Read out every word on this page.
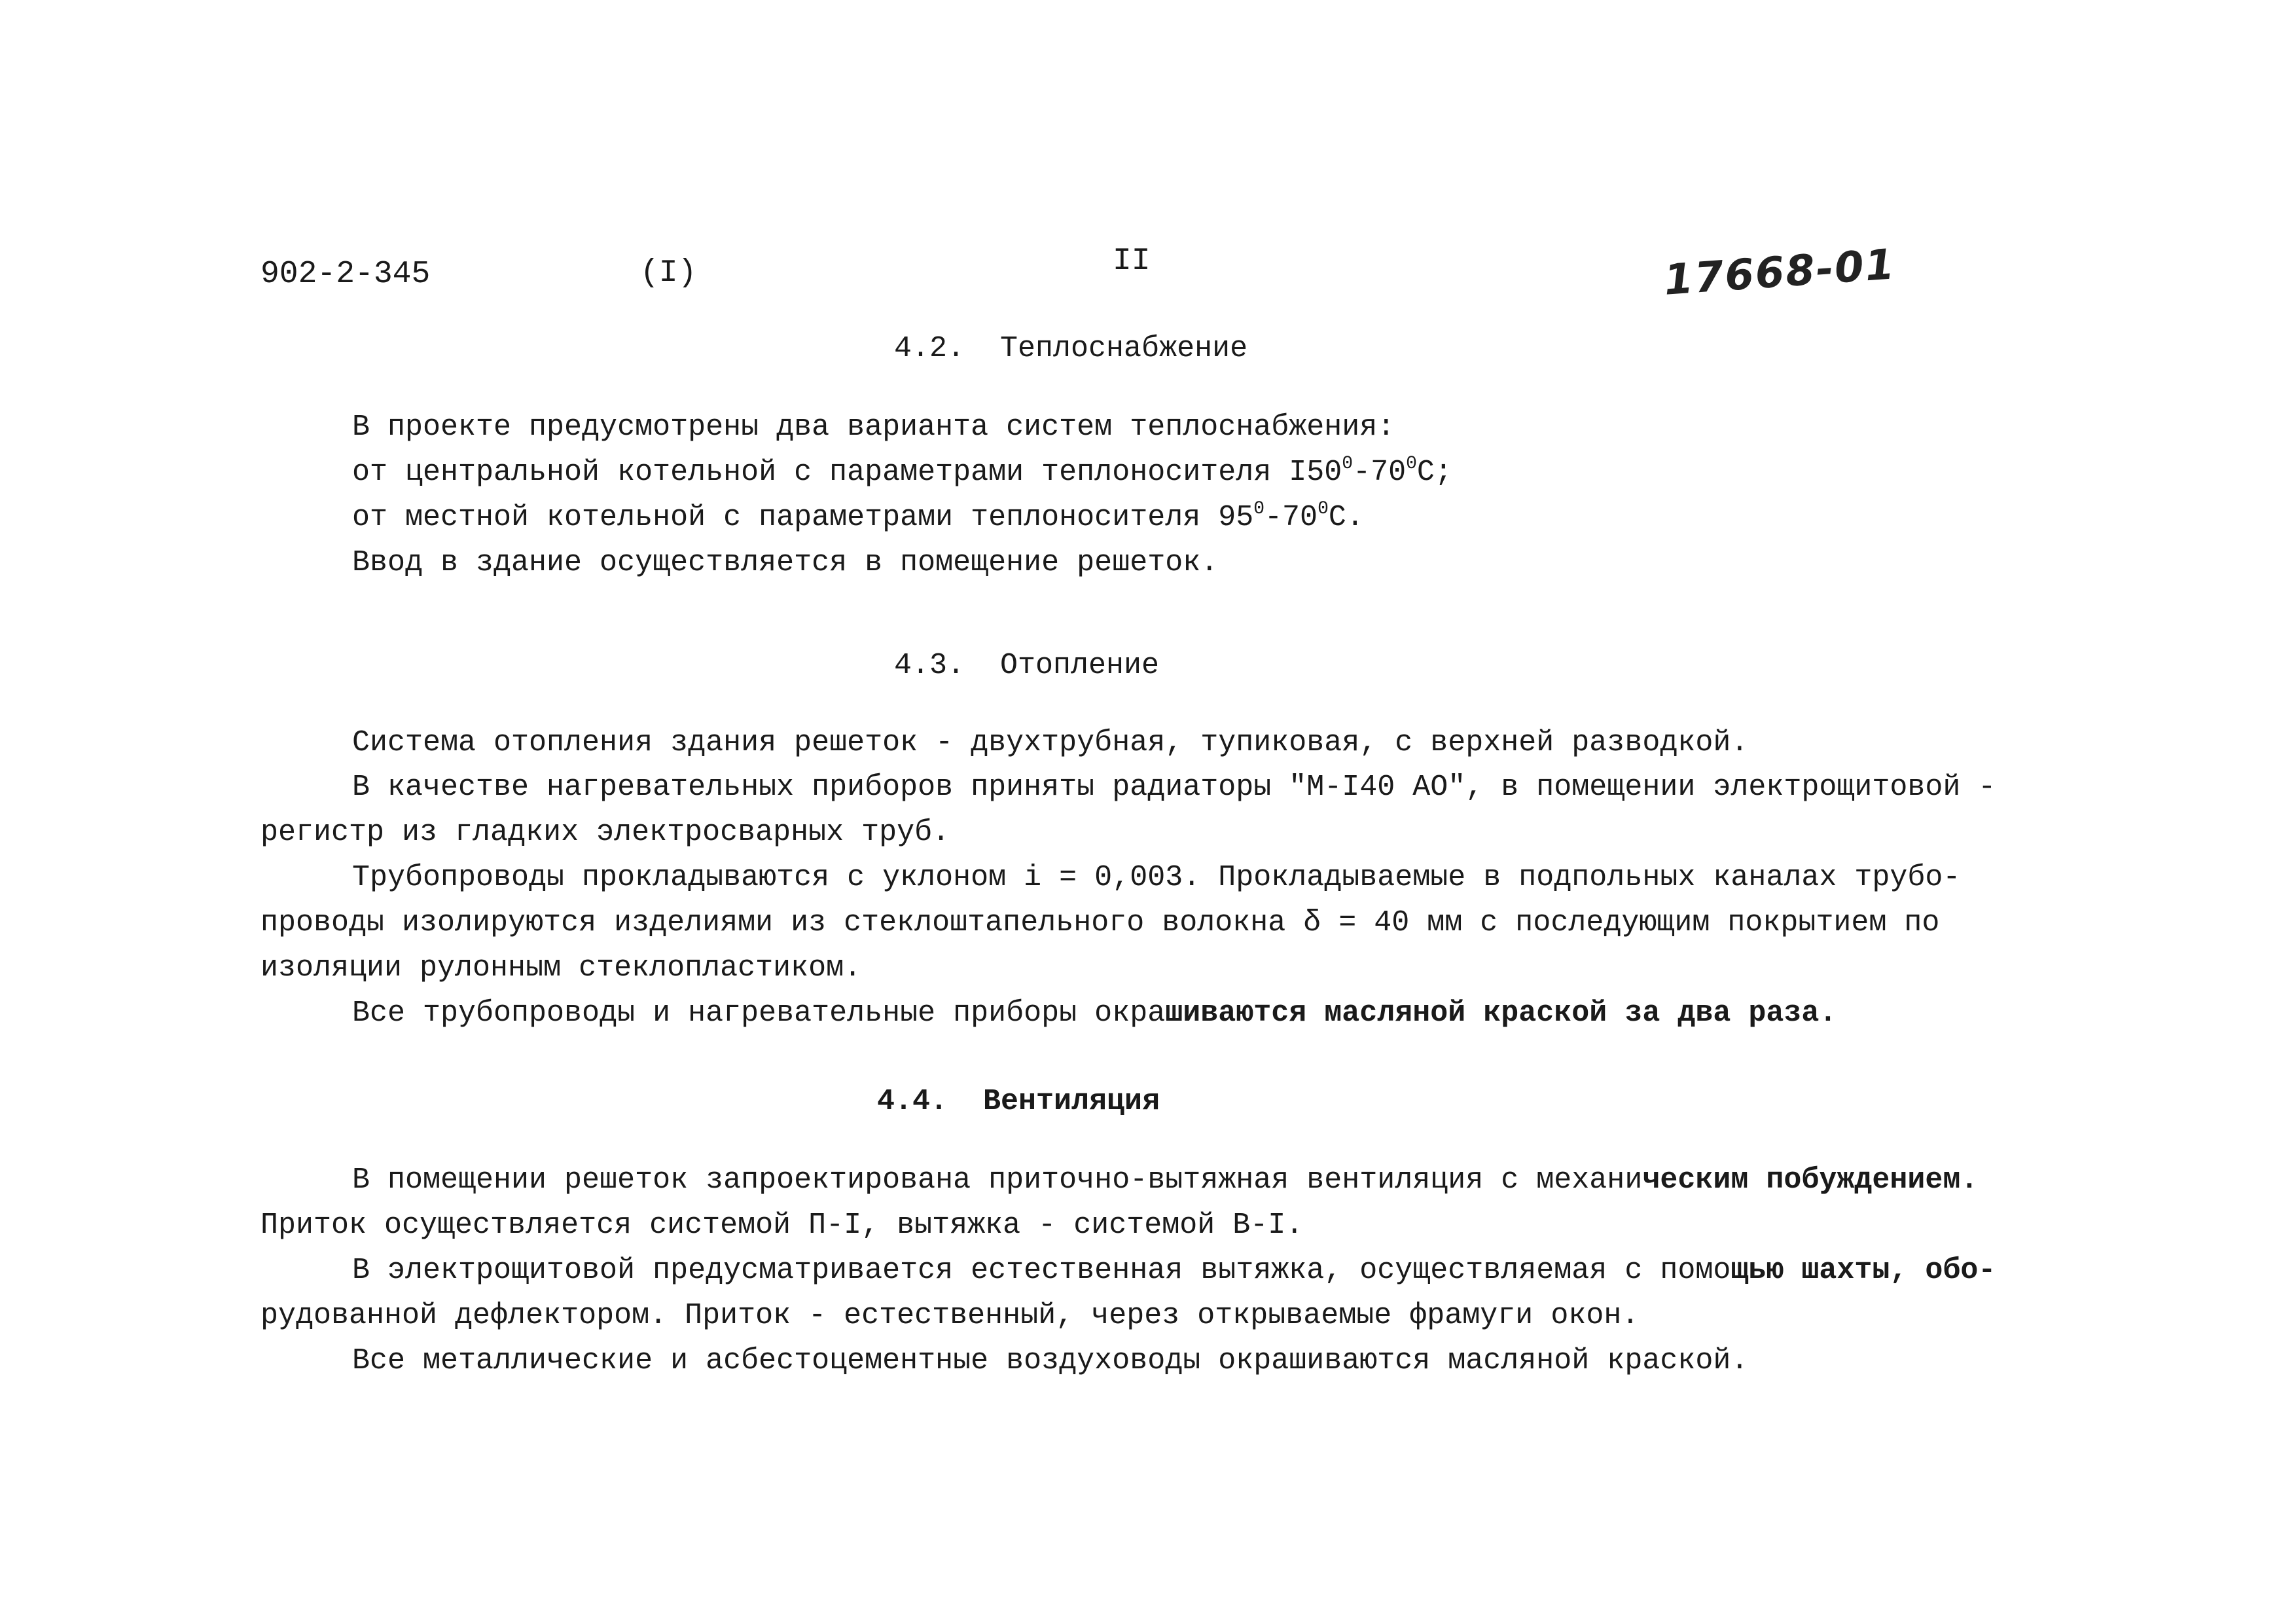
902-2-345	(I)	II	17668-01
4.2.  Теплоснабжение
В проекте предусмотрены два варианта систем теплоснабжения:
от центральной котельной с параметрами теплоносителя $I50^0-70^0С$;
от местной котельной с параметрами теплоносителя $95^0-70^0С$.
Ввод в здание осуществляется в помещение решеток.
4.3.  Отопление
Система отопления здания решеток - двухтрубная, тупиковая, с верхней разводкой.
В качестве нагревательных приборов приняты радиаторы "М-I40 АО", в помещении электрощитовой -
регистр из гладких электросварных труб.
Трубопроводы прокладываются с уклоном i = 0,003. Прокладываемые в подпольных каналах трубо-
проводы изолируются изделиями из стеклоштапельного волокна δ = 40 мм с последующим покрытием по
изоляции рулонным стеклопластиком.
Все трубопроводы и нагревательные приборы окрашиваются масляной краской за два раза.
4.4.  Вентиляция
В помещении решеток запроектирована приточно-вытяжная вентиляция с механическим побуждением.
Приток осуществляется системой П-I, вытяжка - системой В-I.
В электрощитовой предусматривается естественная вытяжка, осуществляемая с помощью шахты, обо-
рудованной дефлектором. Приток - естественный, через открываемые фрамуги окон.
Все металлические и асбестоцементные воздуховоды окрашиваются масляной краской.
